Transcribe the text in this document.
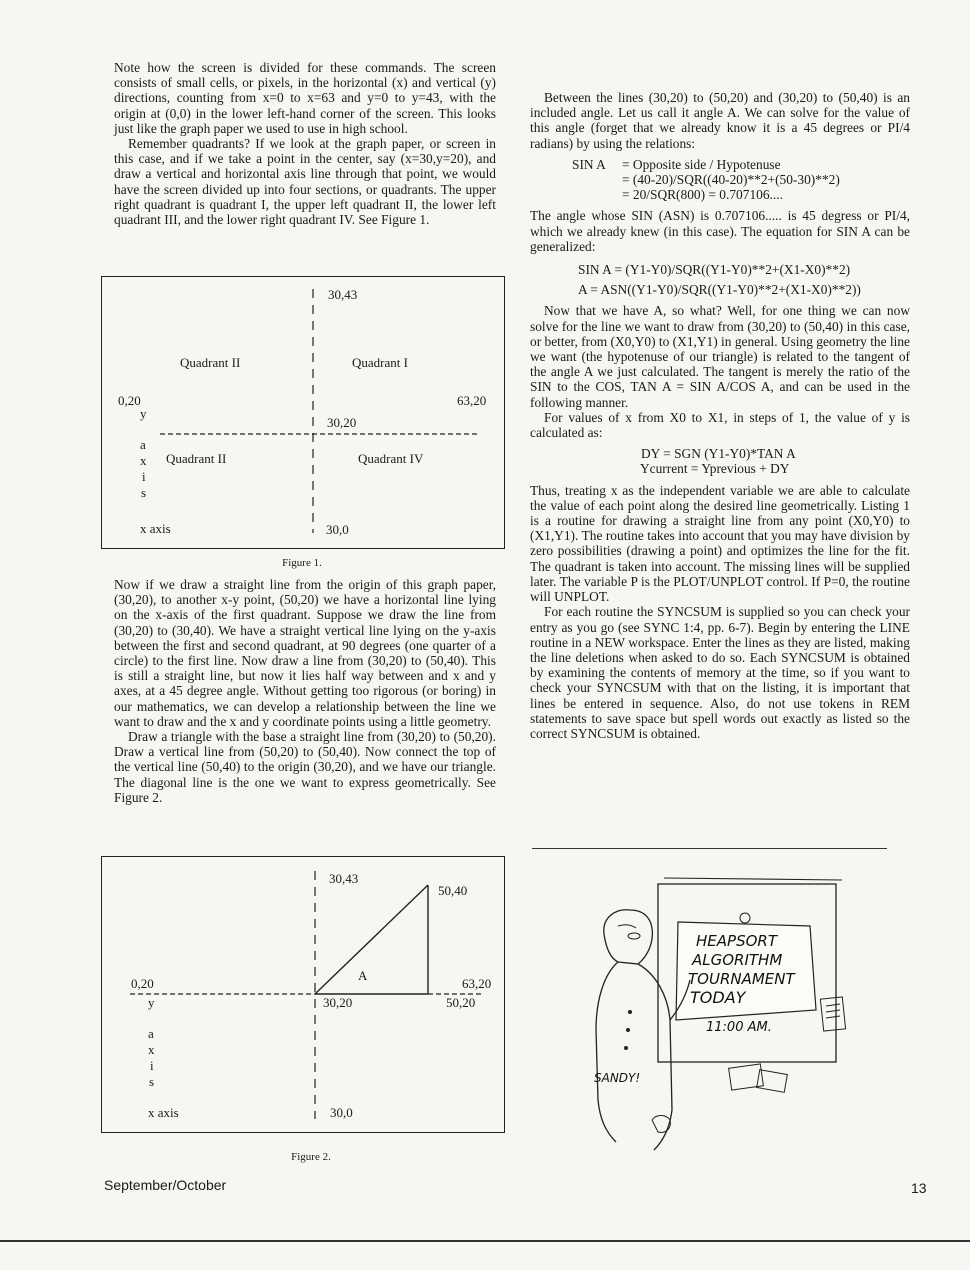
Note how the screen is divided for these commands. The screen consists of small cells, or pixels, in the horizontal (x) and vertical (y) directions, counting from x=0 to x=63 and y=0 to y=43, with the origin at (0,0) in the lower left-hand corner of the screen. This looks just like the graph paper we used to use in high school.

Remember quadrants? If we look at the graph paper, or screen in this case, and if we take a point in the center, say (x=30,y=20), and draw a vertical and horizontal axis line through that point, we would have the screen divided up into four sections, or quadrants. The upper right quadrant is quadrant I, the upper left quadrant II, the lower left quadrant III, and the lower right quadrant IV. See Figure 1.

30,43
Quadrant II	Quadrant I
0,20	63,20
30,20
y
a
x
i
s
Quadrant II	Quadrant IV
x axis	30,0
Figure 1.

Now if we draw a straight line from the origin of this graph paper, (30,20), to another x-y point, (50,20) we have a horizontal line lying on the x-axis of the first quadrant. Suppose we draw the line from (30,20) to (30,40). We have a straight vertical line lying on the y-axis between the first and second quadrant, at 90 degrees (one quarter of a circle) to the first line. Now draw a line from (30,20) to (50,40). This is still a straight line, but now it lies half way between and x and y axes, at a 45 degree angle. Without getting too rigorous (or boring) in our mathematics, we can develop a relationship between the line we want to draw and the x and y coordinate points using a little geometry.

Draw a triangle with the base a straight line from (30,20) to (50,20). Draw a vertical line from (50,20) to (50,40). Now connect the top of the vertical line (50,40) to the origin (30,20), and we have our triangle. The diagonal line is the one we want to express geometrically. See Figure 2.

30,43
50,40
A
0,20	63,20
30,20	50,20
y
a
x
i
s
x axis	30,0
Figure 2.

Between the lines (30,20) to (50,20) and (30,20) to (50,40) is an included angle. Let us call it angle A. We can solve for the value of this angle (forget that we already know it is a 45 degrees or PI/4 radians) by using the relations:

SIN A = Opposite side / Hypotenuse
= (40-20)/SQR((40-20)**2+(50-30)**2)
= 20/SQR(800) = 0.707106....

The angle whose SIN (ASN) is 0.707106..... is 45 degress or PI/4, which we already knew (in this case). The equation for SIN A can be generalized:

SIN A = (Y1-Y0)/SQR((Y1-Y0)**2+(X1-X0)**2)
A = ASN((Y1-Y0)/SQR((Y1-Y0)**2+(X1-X0)**2))

Now that we have A, so what? Well, for one thing we can now solve for the line we want to draw from (30,20) to (50,40) in this case, or better, from (X0,Y0) to (X1,Y1) in general. Using geometry the line we want (the hypotenuse of our triangle) is related to the tangent of the angle A we just calculated. The tangent is merely the ratio of the SIN to the COS, TAN A = SIN A/COS A, and can be used in the following manner.

For values of x from X0 to X1, in steps of 1, the value of y is calculated as:

DY = SGN (Y1-Y0)*TAN A
Ycurrent = Yprevious + DY

Thus, treating x as the independent variable we are able to calculate the value of each point along the desired line geometrically. Listing 1 is a routine for drawing a straight line from any point (X0,Y0) to (X1,Y1). The routine takes into account that you may have division by zero possibilities (drawing a point) and optimizes the line for the fit. The quadrant is taken into account. The missing lines will be supplied later. The variable P is the PLOT/UNPLOT control. If P=0, the routine will UNPLOT.

For each routine the SYNCSUM is supplied so you can check your entry as you go (see SYNC 1:4, pp. 6-7). Begin by entering the LINE routine in a NEW workspace. Enter the lines as they are listed, making the line deletions when asked to do so. Each SYNCSUM is obtained by examining the contents of memory at the time, so if you want to check your SYNCSUM with that on the listing, it is important that lines be entered in sequence. Also, do not use tokens in REM statements to save space but spell words out exactly as listed so the correct SYNCSUM is obtained.

HEAPSORT
ALGORITHM
TOURNAMENT
TODAY
11:00 AM.
SANDY!
September/October	13
